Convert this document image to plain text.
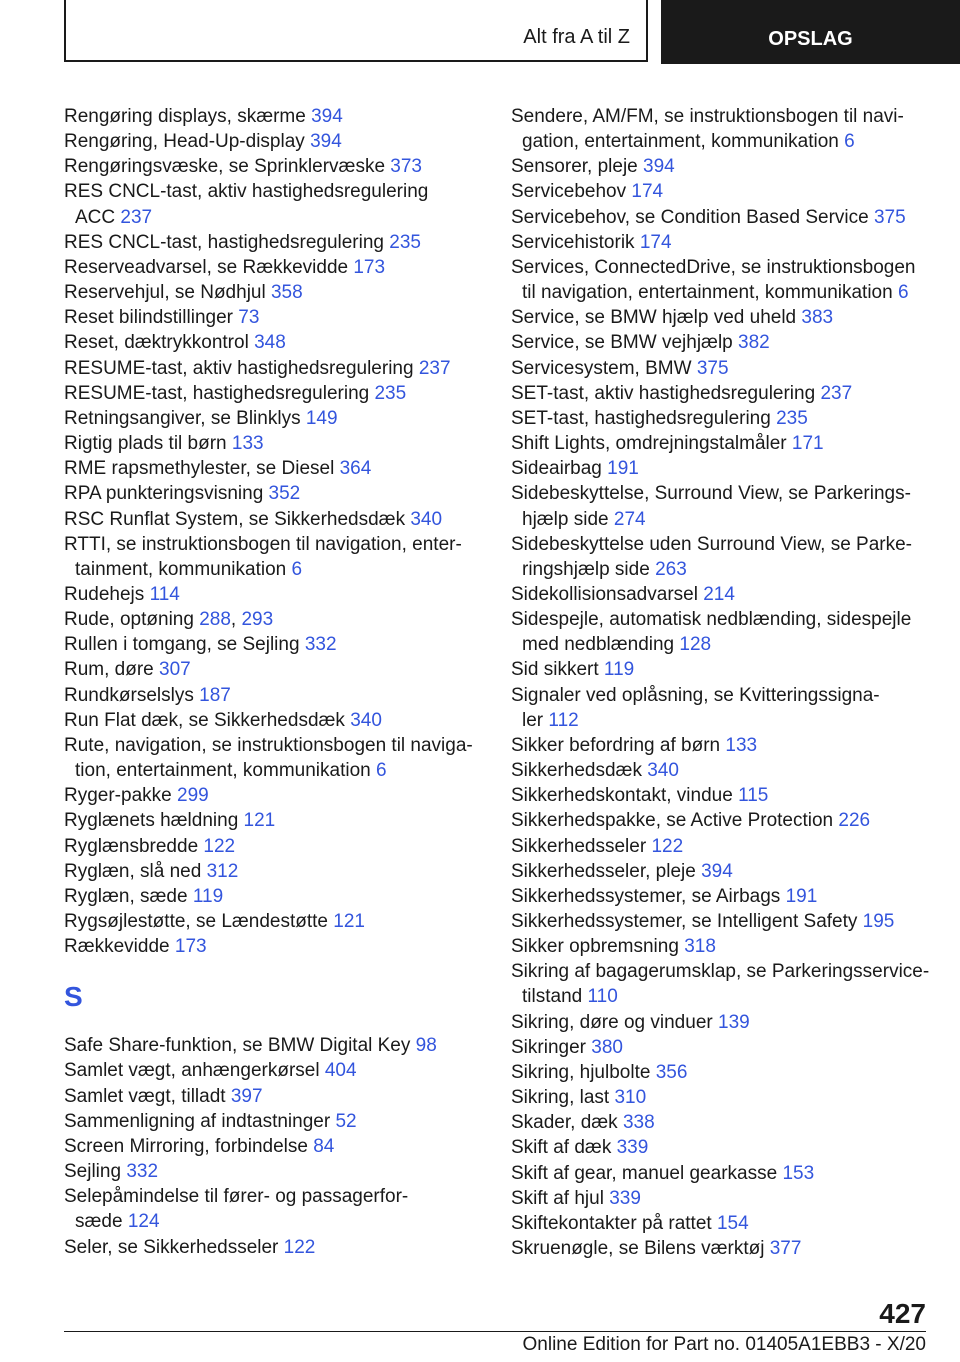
Alt fra A til Z	OPSLAG
Rengøring displays, skærme 394
Rengøring, Head-Up-display 394
Rengøringsvæske, se Sprinklervæske 373
RES CNCL-tast, aktiv hastighedsregulering
ACC 237
RES CNCL-tast, hastighedsregulering 235
Reserveadvarsel, se Rækkevidde 173
Reservehjul, se Nødhjul 358
Reset bilindstillinger 73
Reset, dæktrykkontrol 348
RESUME-tast, aktiv hastighedsregulering 237
RESUME-tast, hastighedsregulering 235
Retningsangiver, se Blinklys 149
Rigtig plads til børn 133
RME rapsmethylester, se Diesel 364
RPA punkteringsvisning 352
RSC Runflat System, se Sikkerhedsdæk 340
RTTI, se instruktionsbogen til navigation, enter-
tainment, kommunikation 6
Rudehejs 114
Rude, optøning 288, 293
Rullen i tomgang, se Sejling 332
Rum, døre 307
Rundkørselslys 187
Run Flat dæk, se Sikkerhedsdæk 340
Rute, navigation, se instruktionsbogen til naviga-
tion, entertainment, kommunikation 6
Ryger-pakke 299
Ryglænets hældning 121
Ryglænsbredde 122
Ryglæn, slå ned 312
Ryglæn, sæde 119
Rygsøjlestøtte, se Lændestøtte 121
Rækkevidde 173
S
Safe Share-funktion, se BMW Digital Key 98
Samlet vægt, anhængerkørsel 404
Samlet vægt, tilladt 397
Sammenligning af indtastninger 52
Screen Mirroring, forbindelse 84
Sejling 332
Selepåmindelse til fører- og passagerfor-
sæde 124
Seler, se Sikkerhedsseler 122
Sendere, AM/FM, se instruktionsbogen til navi-
gation, entertainment, kommunikation 6
Sensorer, pleje 394
Servicebehov 174
Servicebehov, se Condition Based Service 375
Servicehistorik 174
Services, ConnectedDrive, se instruktionsbogen
til navigation, entertainment, kommunikation 6
Service, se BMW hjælp ved uheld 383
Service, se BMW vejhjælp 382
Servicesystem, BMW 375
SET-tast, aktiv hastighedsregulering 237
SET-tast, hastighedsregulering 235
Shift Lights, omdrejningstalmåler 171
Sideairbag 191
Sidebeskyttelse, Surround View, se Parkerings-
hjælp side 274
Sidebeskyttelse uden Surround View, se Parke-
ringshjælp side 263
Sidekollisionsadvarsel 214
Sidespejle, automatisk nedblænding, sidespejle
med nedblænding 128
Sid sikkert 119
Signaler ved oplåsning, se Kvitteringssigna-
ler 112
Sikker befordring af børn 133
Sikkerhedsdæk 340
Sikkerhedskontakt, vindue 115
Sikkerhedspakke, se Active Protection 226
Sikkerhedsseler 122
Sikkerhedsseler, pleje 394
Sikkerhedssystemer, se Airbags 191
Sikkerhedssystemer, se Intelligent Safety 195
Sikker opbremsning 318
Sikring af bagagerumsklap, se Parkeringsservice-
tilstand 110
Sikring, døre og vinduer 139
Sikringer 380
Sikring, hjulbolte 356
Sikring, last 310
Skader, dæk 338
Skift af dæk 339
Skift af gear, manuel gearkasse 153
Skift af hjul 339
Skiftekontakter på rattet 154
Skruenøgle, se Bilens værktøj 377
427
Online Edition for Part no. 01405A1EBB3 - X/20
